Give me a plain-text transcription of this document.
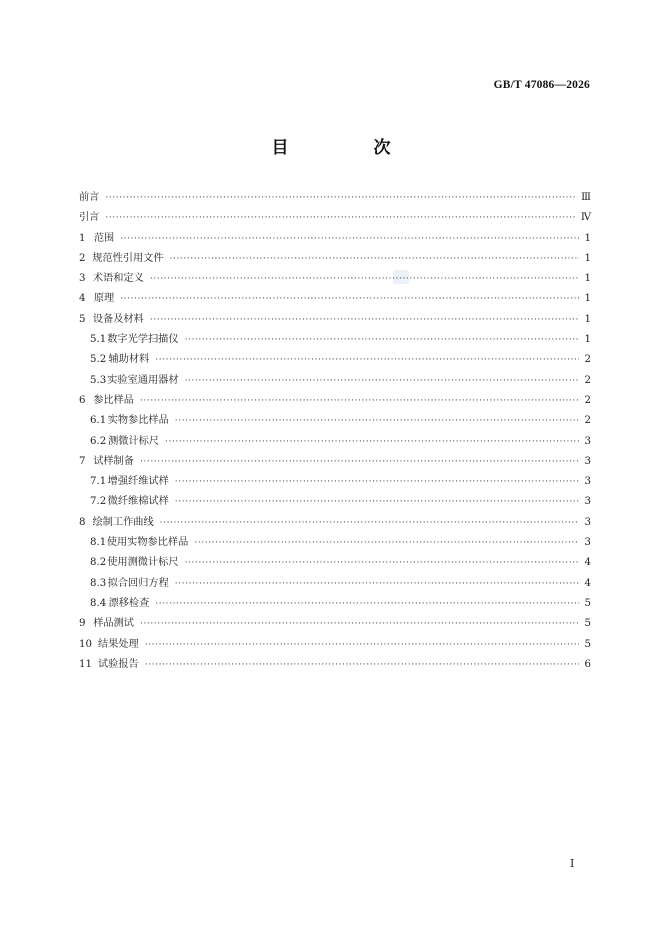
GB/T 47086—2026
目　次
前言 ·····	Ⅲ
引言 ·····	Ⅳ
1 范围 ·····	1
2 规范性引用文件 ·····	1
3 术语和定义 ·····	1
4 原理 ·····	1
5 设备及材料 ·····	1
5.1 数字光学扫描仪 ·····	1
5.2 辅助材料 ·····	2
5.3 实验室通用器材 ·····	2
6 参比样品 ·····	2
6.1 实物参比样品 ·····	2
6.2 测微计标尺 ·····	3
7 试样制备 ·····	3
7.1 增强纤维试样 ·····	3
7.2 微纤维棉试样 ·····	3
8 绘制工作曲线 ·····	3
8.1 使用实物参比样品 ·····	3
8.2 使用测微计标尺 ·····	4
8.3 拟合回归方程 ·····	4
8.4 漂移检查 ·····	5
9 样品测试 ·····	5
10 结果处理 ·····	5
11 试验报告 ·····	6
I
